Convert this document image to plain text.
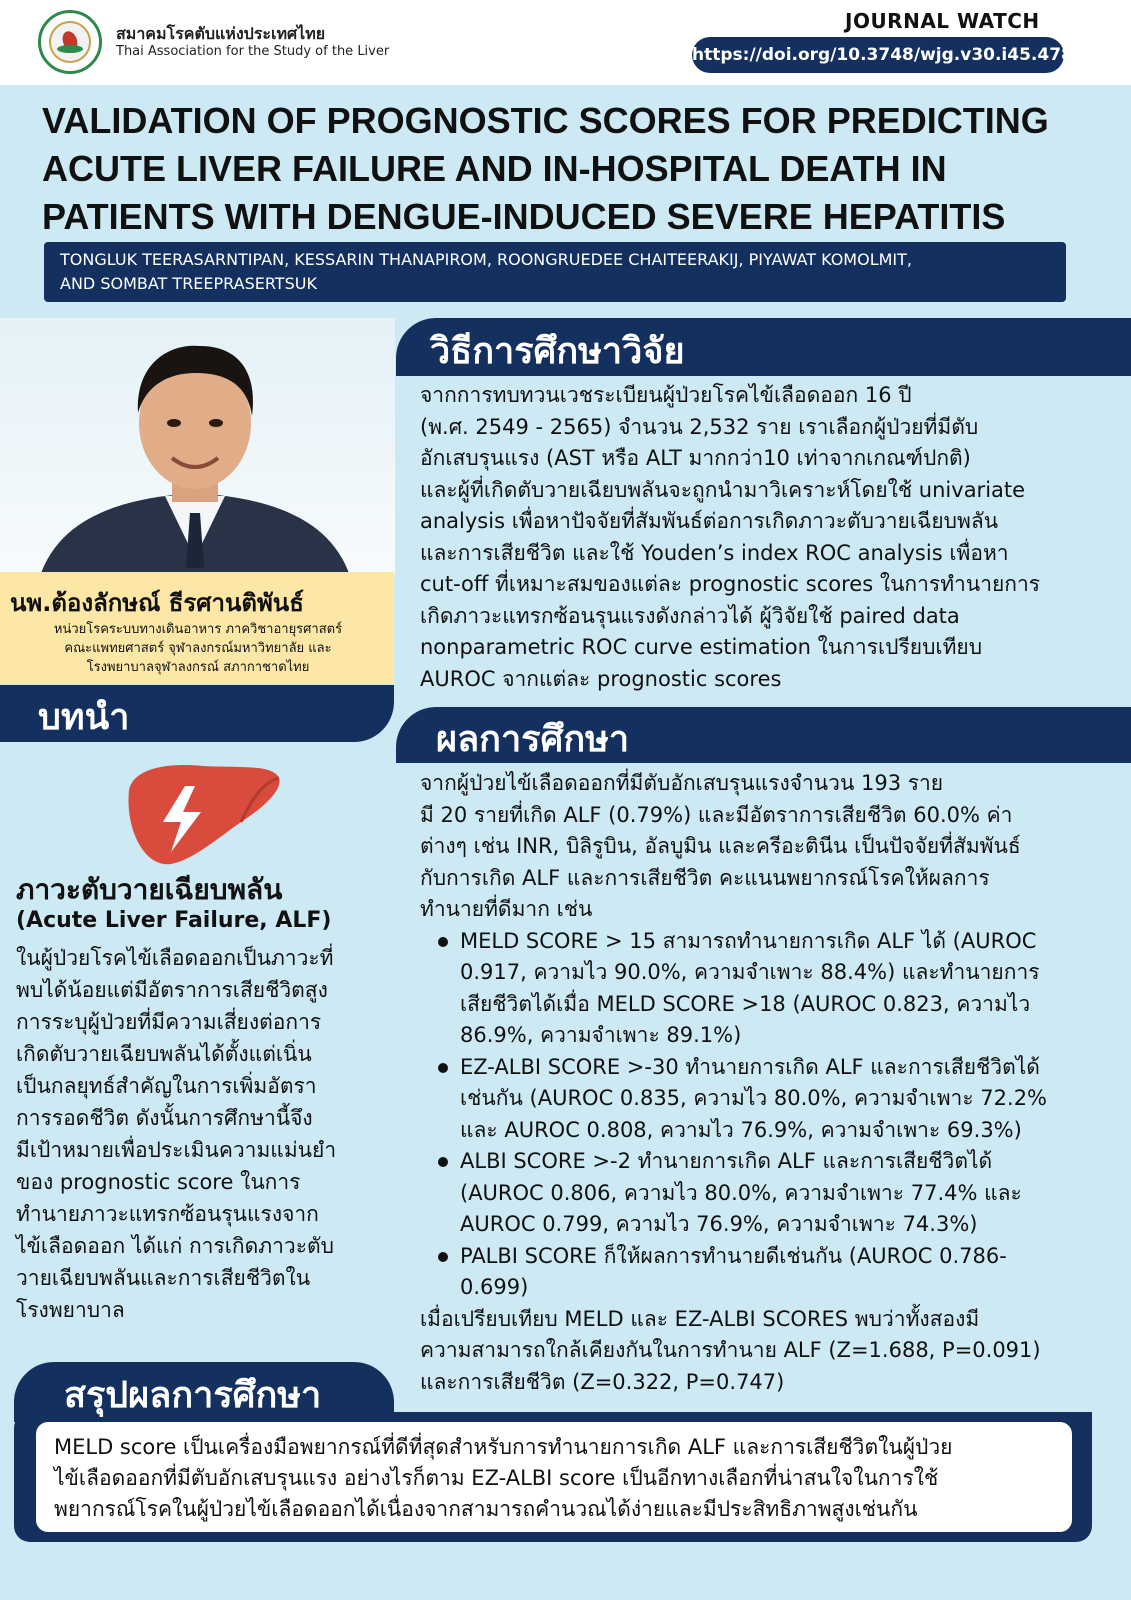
สมาคมโรคตับแห่งประเทศไทย
Thai Association for the Study of the Liver
JOURNAL WATCH
https://doi.org/10.3748/wjg.v30.i45.4781
VALIDATION OF PROGNOSTIC SCORES FOR PREDICTING
ACUTE LIVER FAILURE AND IN-HOSPITAL DEATH IN
PATIENTS WITH DENGUE-INDUCED SEVERE HEPATITIS
TONGLUK TEERASARNTIPAN, KESSARIN THANAPIROM, ROONGRUEDEE CHAITEERAKIJ, PIYAWAT KOMOLMIT,
AND SOMBAT TREEPRASERTSUK
นพ.ต้องลักษณ์ ธีรศานติพันธ์
หน่วยโรคระบบทางเดินอาหาร ภาควิชาอายุรศาสตร์
คณะแพทยศาสตร์ จุฬาลงกรณ์มหาวิทยาลัย และ
โรงพยาบาลจุฬาลงกรณ์ สภากาชาดไทย
บทนำ
ภาวะตับวายเฉียบพลัน
(Acute Liver Failure, ALF)
ในผู้ป่วยโรคไข้เลือดออกเป็นภาวะที่
พบได้น้อยแต่มีอัตราการเสียชีวิตสูง
การระบุผู้ป่วยที่มีความเสี่ยงต่อการ
เกิดตับวายเฉียบพลันได้ตั้งแต่เนิ่น
เป็นกลยุทธ์สำคัญในการเพิ่มอัตรา
การรอดชีวิต ดังนั้นการศึกษานี้จึง
มีเป้าหมายเพื่อประเมินความแม่นยำ
ของ prognostic score ในการ
ทำนายภาวะแทรกซ้อนรุนแรงจาก
ไข้เลือดออก ได้แก่ การเกิดภาวะตับ
วายเฉียบพลันและการเสียชีวิตใน
โรงพยาบาล
วิธีการศึกษาวิจัย
จากการทบทวนเวชระเบียนผู้ป่วยโรคไข้เลือดออก 16 ปี
(พ.ศ. 2549 - 2565) จำนวน 2,532 ราย เราเลือกผู้ป่วยที่มีตับ
อักเสบรุนแรง (AST หรือ ALT มากกว่า10 เท่าจากเกณฑ์ปกติ)
และผู้ที่เกิดตับวายเฉียบพลันจะถูกนำมาวิเคราะห์โดยใช้ univariate
analysis เพื่อหาปัจจัยที่สัมพันธ์ต่อการเกิดภาวะตับวายเฉียบพลัน
และการเสียชีวิต และใช้ Youden’s index ROC analysis เพื่อหา
cut-off ที่เหมาะสมของแต่ละ prognostic scores ในการทำนายการ
เกิดภาวะแทรกซ้อนรุนแรงดังกล่าวได้ ผู้วิจัยใช้ paired data
nonparametric ROC curve estimation ในการเปรียบเทียบ
AUROC จากแต่ละ prognostic scores
ผลการศึกษา
จากผู้ป่วยไข้เลือดออกที่มีตับอักเสบรุนแรงจำนวน 193 ราย
มี 20 รายที่เกิด ALF (0.79%) และมีอัตราการเสียชีวิต 60.0% ค่า
ต่างๆ เช่น INR, บิลิรูบิน, อัลบูมิน และครีอะตินีน เป็นปัจจัยที่สัมพันธ์
กับการเกิด ALF และการเสียชีวิต คะแนนพยากรณ์โรคให้ผลการ
ทำนายที่ดีมาก เช่น
MELD SCORE > 15 สามารถทำนายการเกิด ALF ได้ (AUROC
0.917, ความไว 90.0%, ความจำเพาะ 88.4%) และทำนายการ
เสียชีวิตได้เมื่อ MELD SCORE >18 (AUROC 0.823, ความไว
86.9%, ความจำเพาะ 89.1%)
EZ-ALBI SCORE >-30 ทำนายการเกิด ALF และการเสียชีวิตได้
เช่นกัน (AUROC 0.835, ความไว 80.0%, ความจำเพาะ 72.2%
และ AUROC 0.808, ความไว 76.9%, ความจำเพาะ 69.3%)
ALBI SCORE >-2 ทำนายการเกิด ALF และการเสียชีวิตได้
(AUROC 0.806, ความไว 80.0%, ความจำเพาะ 77.4% และ
AUROC 0.799, ความไว 76.9%, ความจำเพาะ 74.3%)
PALBI SCORE ก็ให้ผลการทำนายดีเช่นกัน (AUROC 0.786-
0.699)
เมื่อเปรียบเทียบ MELD และ EZ-ALBI SCORES พบว่าทั้งสองมี
ความสามารถใกล้เคียงกันในการทำนาย ALF (Z=1.688, P=0.091)
และการเสียชีวิต (Z=0.322, P=0.747)
สรุปผลการศึกษา
MELD score เป็นเครื่องมือพยากรณ์ที่ดีที่สุดสำหรับการทำนายการเกิด ALF และการเสียชีวิตในผู้ป่วย
ไข้เลือดออกที่มีตับอักเสบรุนแรง อย่างไรก็ตาม EZ-ALBI score เป็นอีกทางเลือกที่น่าสนใจในการใช้
พยากรณ์โรคในผู้ป่วยไข้เลือดออกได้เนื่องจากสามารถคำนวณได้ง่ายและมีประสิทธิภาพสูงเช่นกัน
